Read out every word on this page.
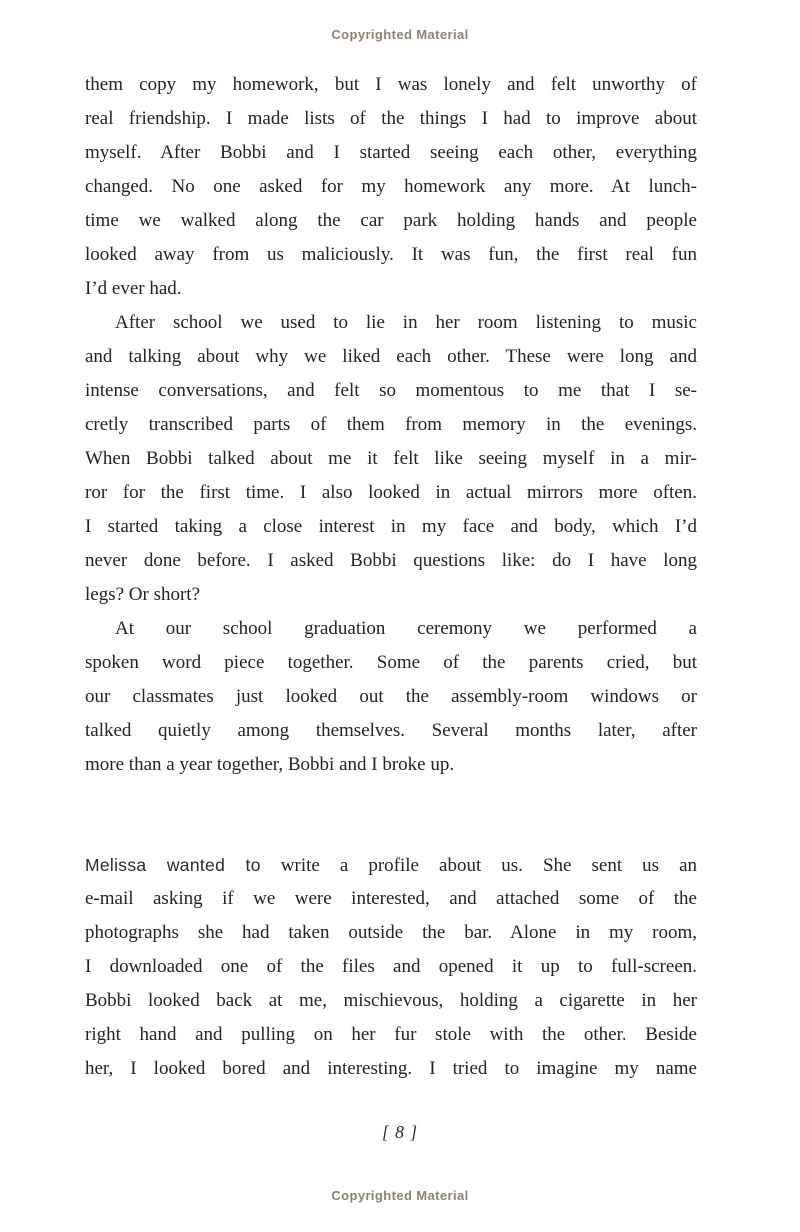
Copyrighted Material
them copy my homework, but I was lonely and felt unworthy of
real friendship. I made lists of the things I had to improve about
myself. After Bobbi and I started seeing each other, everything
changed. No one asked for my homework any more. At lunch-
time we walked along the car park holding hands and people
looked away from us maliciously. It was fun, the first real fun
I’d ever had.
After school we used to lie in her room listening to music
and talking about why we liked each other. These were long and
intense conversations, and felt so momentous to me that I se-
cretly transcribed parts of them from memory in the evenings.
When Bobbi talked about me it felt like seeing myself in a mir-
ror for the first time. I also looked in actual mirrors more often.
I started taking a close interest in my face and body, which I’d
never done before. I asked Bobbi questions like: do I have long
legs? Or short?
At our school graduation ceremony we performed a
spoken word piece together. Some of the parents cried, but
our classmates just looked out the assembly-room windows or
talked quietly among themselves. Several months later, after
more than a year together, Bobbi and I broke up.
Melissa wanted to write a profile about us. She sent us an
e-mail asking if we were interested, and attached some of the
photographs she had taken outside the bar. Alone in my room,
I downloaded one of the files and opened it up to full-screen.
Bobbi looked back at me, mischievous, holding a cigarette in her
right hand and pulling on her fur stole with the other. Beside
her, I looked bored and interesting. I tried to imagine my name
[ 8 ]
Copyrighted Material
